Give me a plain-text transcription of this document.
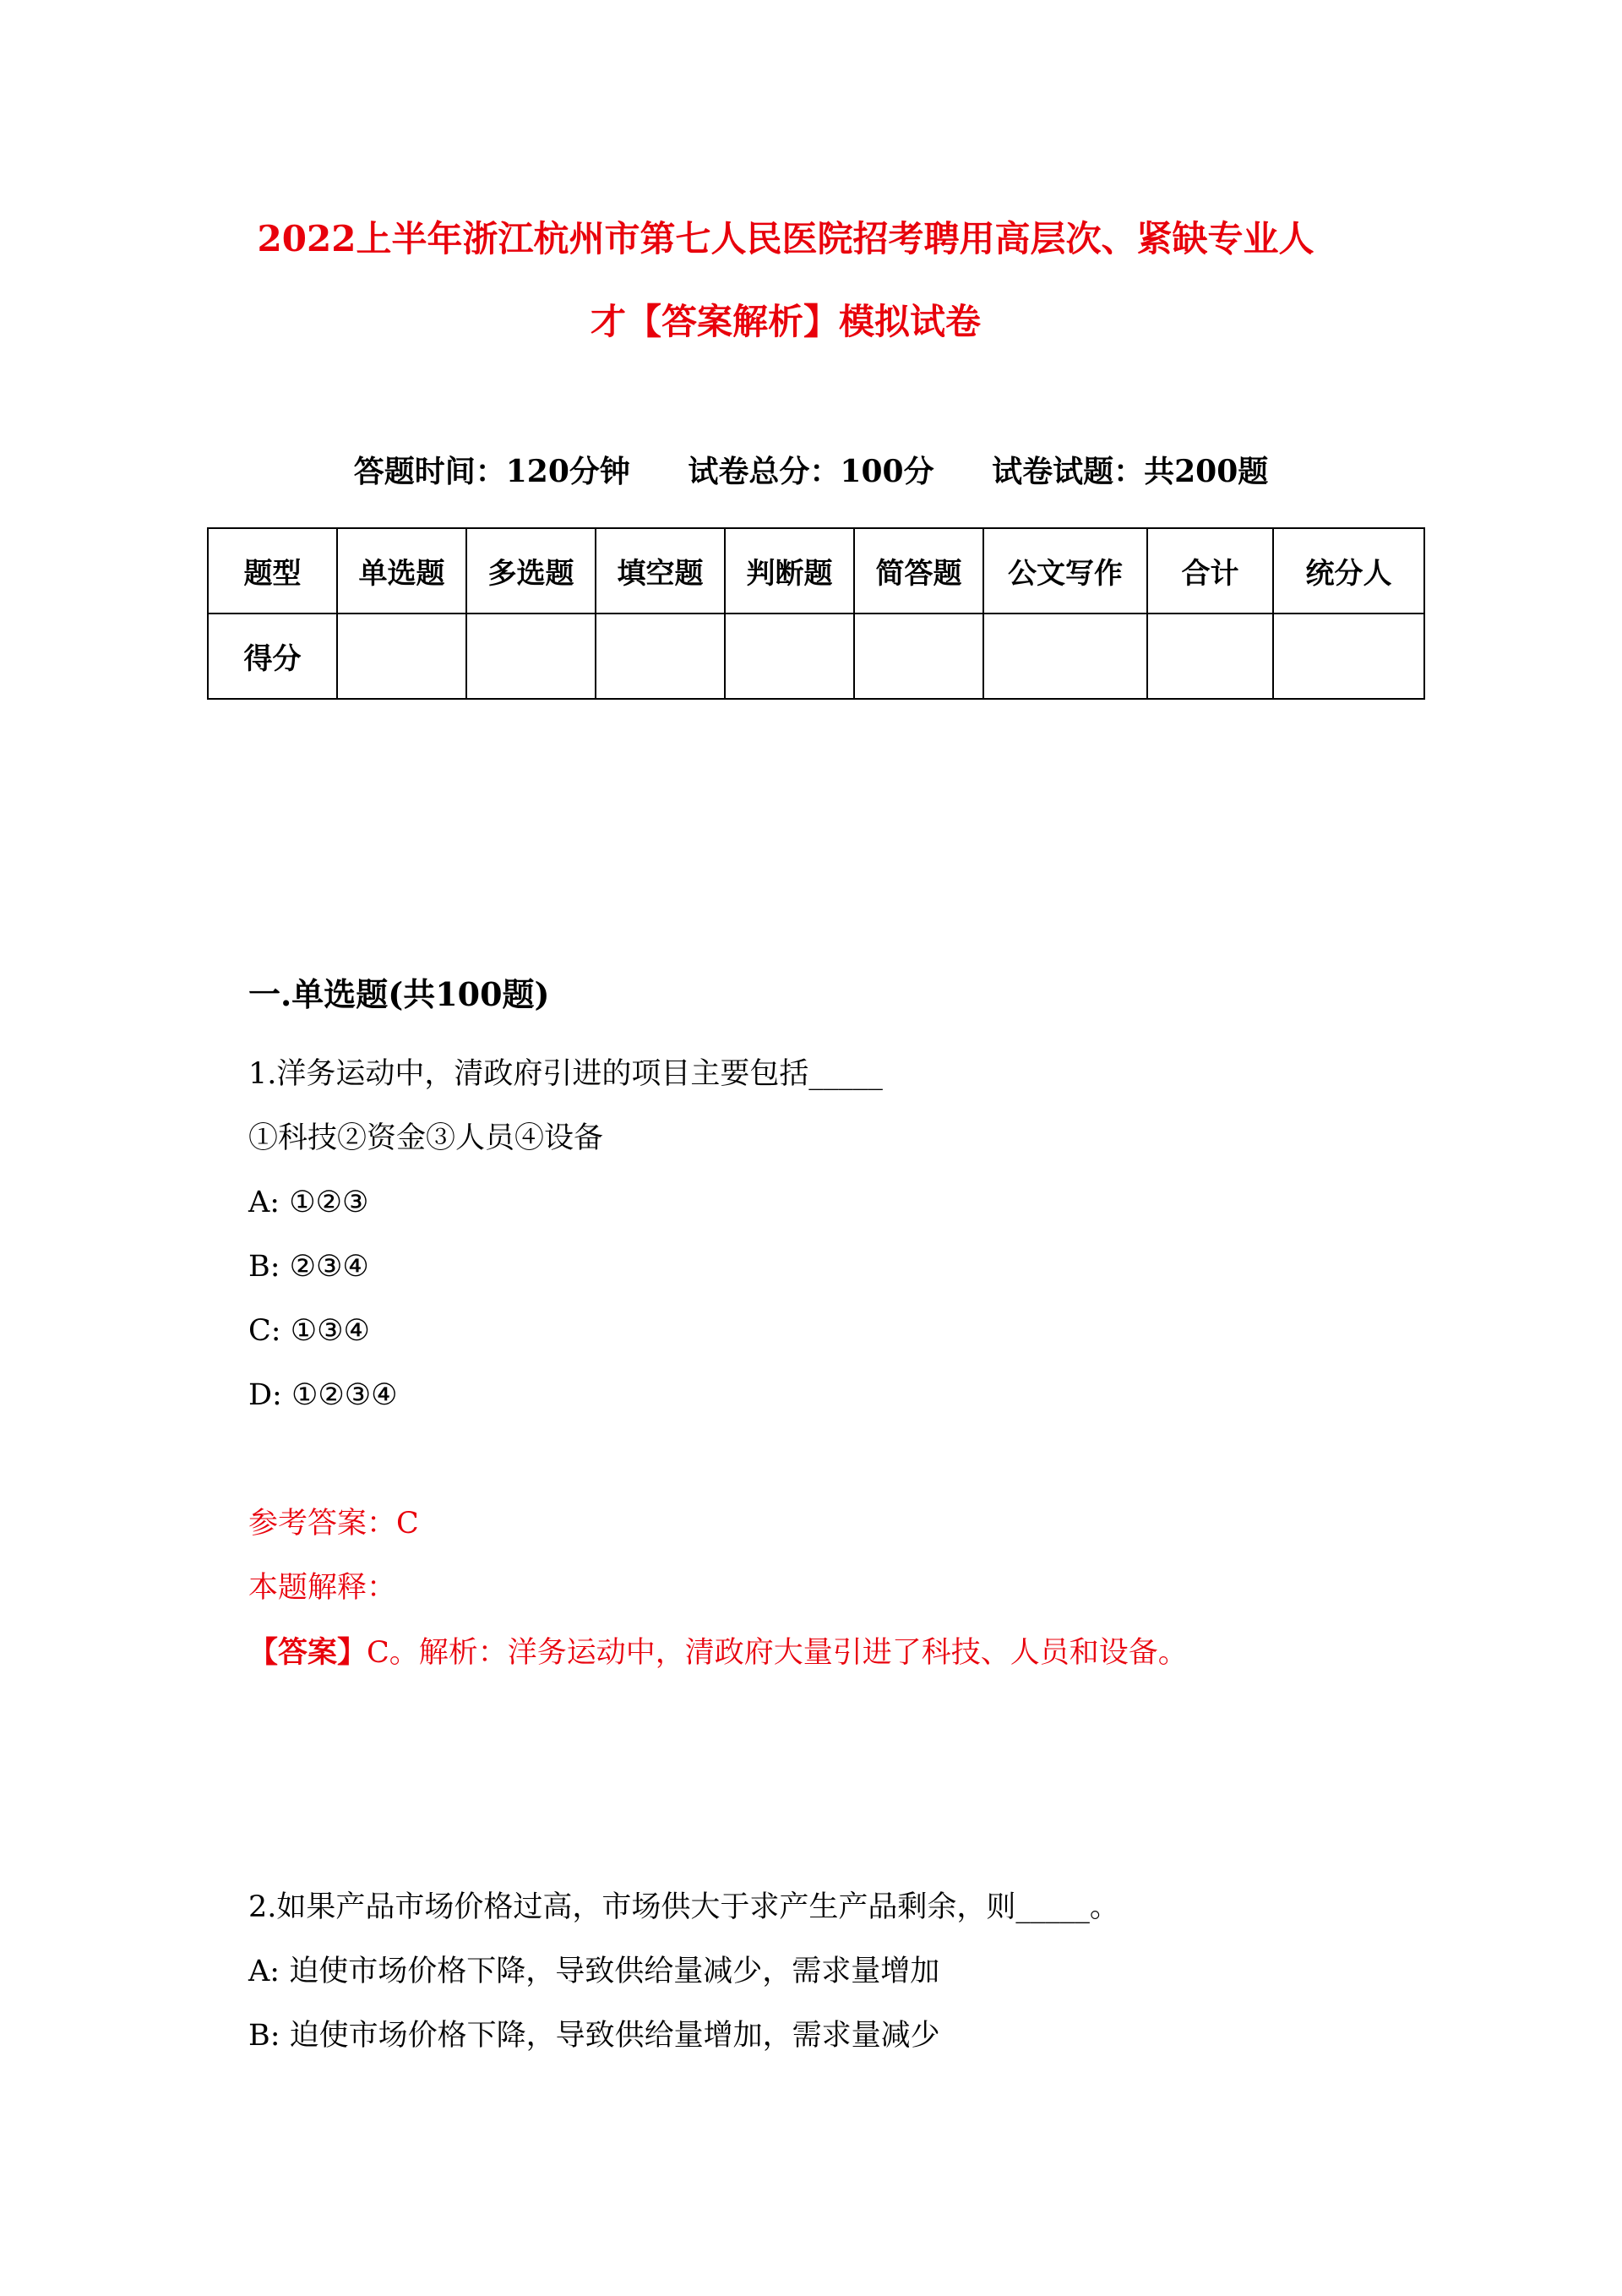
2022上半年浙江杭州市第七人民医院招考聘用高层次、紧缺专业人
才【答案解析】模拟试卷
答题时间：120分钟 试卷总分：100分 试卷试题：共200题
题型	单选题	多选题	填空题	判断题	简答题	公文写作	合计	统分人
得分								
一.单选题(共100题)
1.洋务运动中，清政府引进的项目主要包括_____
①科技②资金③人员④设备
A: ①②③
B: ②③④
C: ①③④
D: ①②③④
参考答案：C
本题解释：
【答案】C。解析：洋务运动中，清政府大量引进了科技、人员和设备。
2.如果产品市场价格过高，市场供大于求产生产品剩余，则_____。
A: 迫使市场价格下降，导致供给量减少，需求量增加
B: 迫使市场价格下降，导致供给量增加，需求量减少
